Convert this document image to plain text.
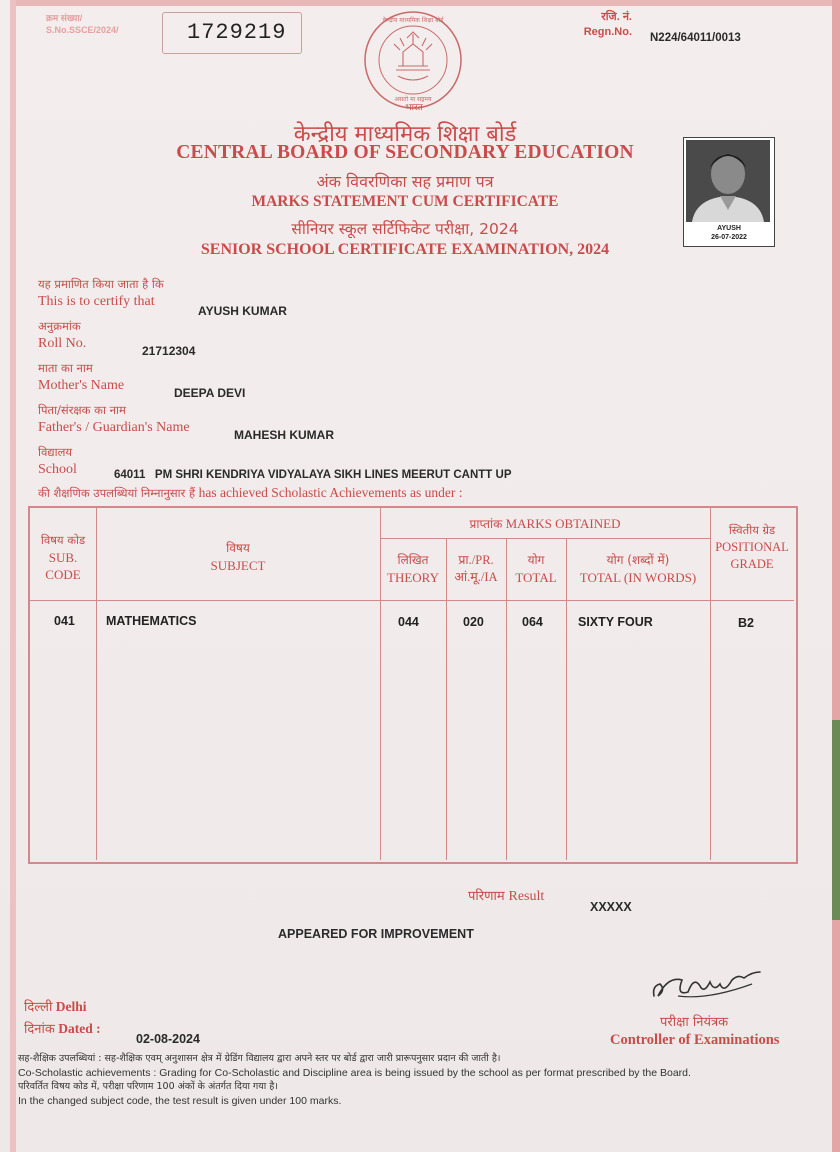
क्रम संख्या/
S.No.SSCE/2024/	1729219	केन्द्रीय माध्यमिक शिक्षा बोर्ड
असतो मा सद्गमय
भारत
रजि. नं.
Regn.No. N224/64011/0013
केन्द्रीय माध्यमिक शिक्षा बोर्ड
CENTRAL BOARD OF SECONDARY EDUCATION
अंक विवरणिका सह प्रमाण पत्र
MARKS STATEMENT CUM CERTIFICATE
सीनियर स्कूल सर्टिफिकेट परीक्षा, 2024
SENIOR SCHOOL CERTIFICATE EXAMINATION, 2024
AYUSH
26-07-2022
यह प्रमाणित किया जाता है कि
This is to certify that
AYUSH KUMAR
अनुक्रमांक
Roll No.	21712304
माता का नाम
Mother's Name	DEEPA DEVI
पिता/संरक्षक का नाम
Father's / Guardian's Name	MAHESH KUMAR
विद्यालय
School	64011   PM SHRI KENDRIYA VIDYALAYA SIKH LINES MEERUT CANTT UP
की शैक्षणिक उपलब्धियां निम्नानुसार हैं has achieved Scholastic Achievements as under :
विषय कोड
SUB.
CODE
विषय
SUBJECT
प्राप्तांक MARKS OBTAINED
लिखित
THEORY
प्रा./PR.
आं.मू./IA
योग
TOTAL
योग (शब्दों में)
TOTAL (IN WORDS)
स्वितीय ग्रेड
POSITIONAL
GRADE
041 MATHEMATICS	044	020	064	SIXTY FOUR	B2
परिणाम Result
XXXXX
APPEARED FOR IMPROVEMENT
दिल्ली Delhi
दिनांक Dated :
02-08-2024
परीक्षा नियंत्रक
Controller of Examinations
सह-शैक्षिक उपलब्धियां : सह-शैक्षिक एवम् अनुशासन क्षेत्र में ग्रेडिंग विद्यालय द्वारा अपने स्तर पर बोर्ड द्वारा जारी प्रारूपनुसार प्रदान की जाती है।
Co-Scholastic achievements : Grading for Co-Scholastic and Discipline area is being issued by the school as per format prescribed by the Board.
परिवर्तित विषय कोड में, परीक्षा परिणाम 100 अंकों के अंतर्गत दिया गया है।
In the changed subject code, the test result is given under 100 marks.
